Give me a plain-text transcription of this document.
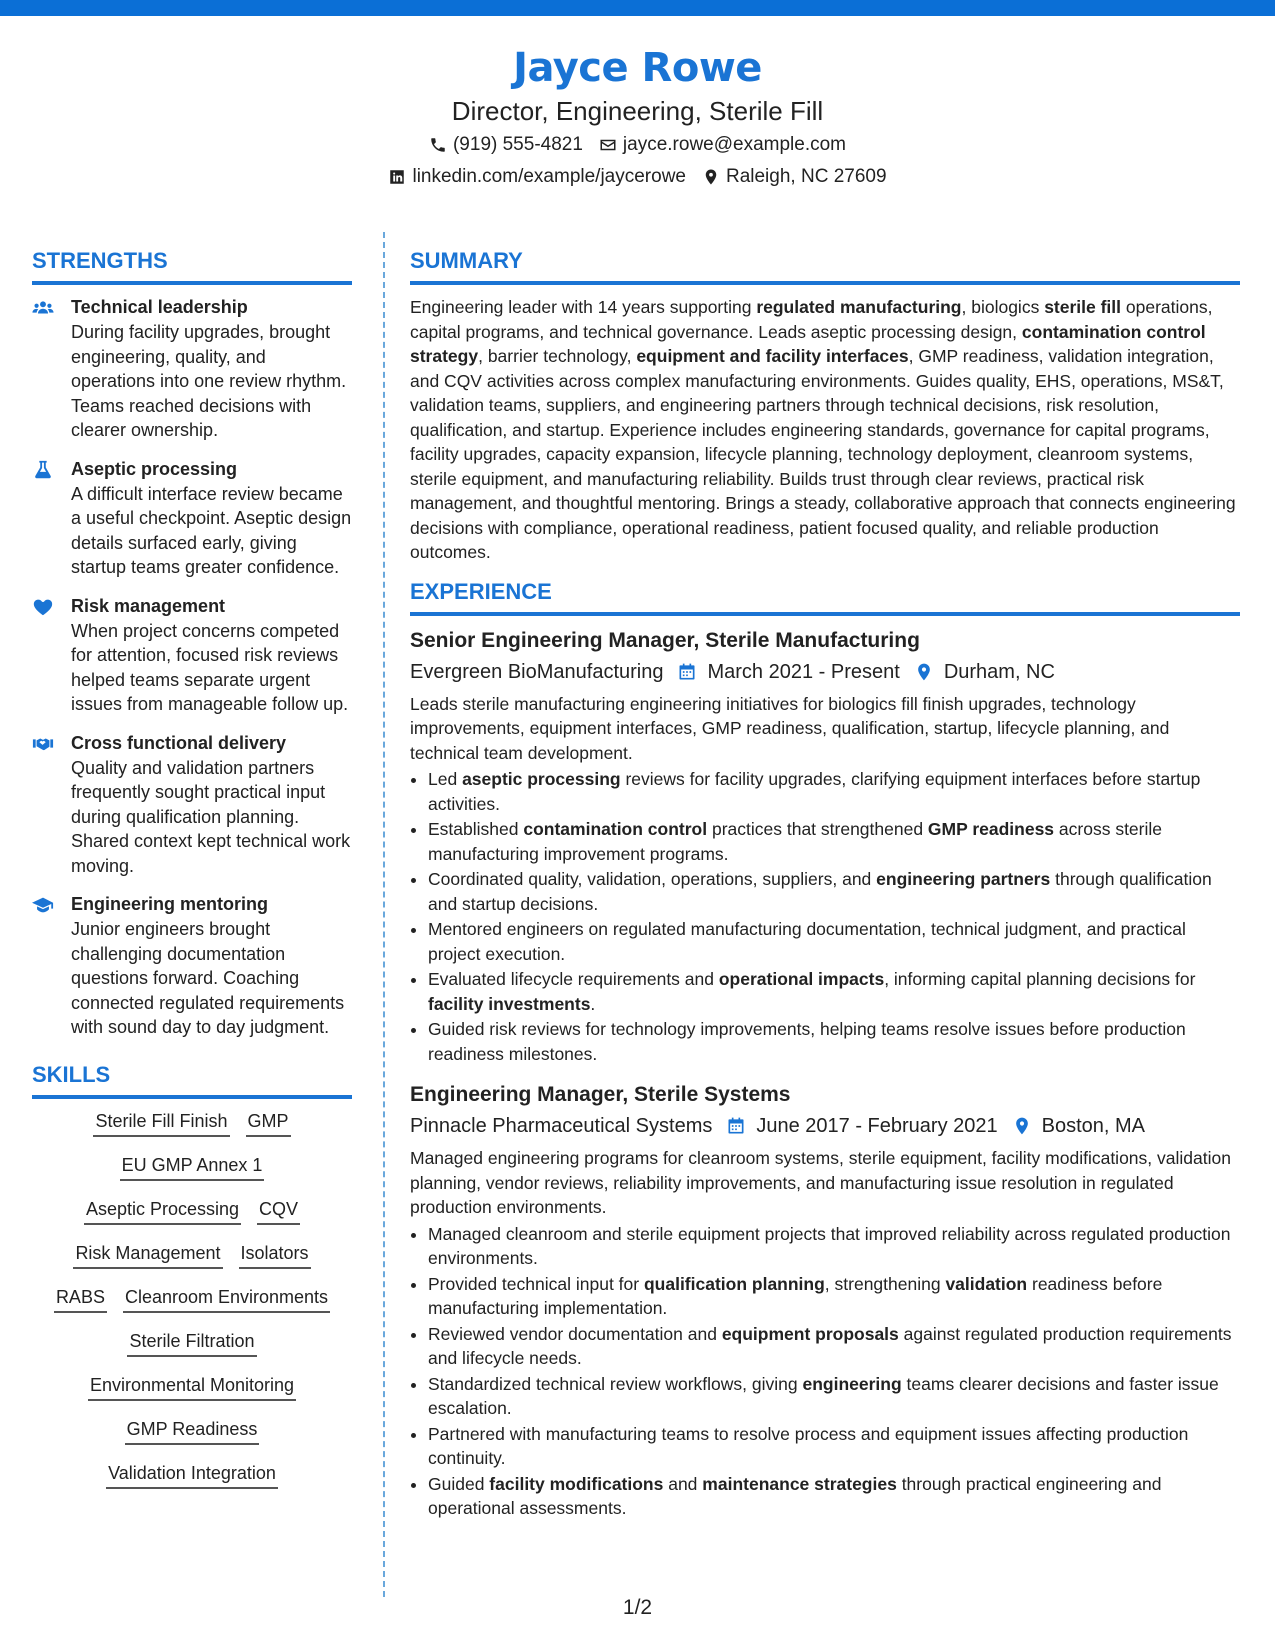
Jayce Rowe
Director, Engineering, Sterile Fill
(919) 555-4821 jayce.rowe@example.com
linkedin.com/example/jaycerowe Raleigh, NC 27609
STRENGTHS
Technical leadership
During facility upgrades, brought engineering, quality, and operations into one review rhythm. Teams reached decisions with clearer ownership.
Aseptic processing
A difficult interface review became a useful checkpoint. Aseptic design details surfaced early, giving startup teams greater confidence.
Risk management
When project concerns competed for attention, focused risk reviews helped teams separate urgent issues from manageable follow up.
Cross functional delivery
Quality and validation partners frequently sought practical input during qualification planning. Shared context kept technical work moving.
Engineering mentoring
Junior engineers brought challenging documentation questions forward. Coaching connected regulated requirements with sound day to day judgment.
SKILLS
Sterile Fill Finish GMP
EU GMP Annex 1
Aseptic Processing CQV
Risk Management Isolators
RABS Cleanroom Environments
Sterile Filtration
Environmental Monitoring
GMP Readiness
Validation Integration
SUMMARY
Engineering leader with 14 years supporting regulated manufacturing, biologics sterile fill operations, capital programs, and technical governance. Leads aseptic processing design, contamination control strategy, barrier technology, equipment and facility interfaces, GMP readiness, validation integration, and CQV activities across complex manufacturing environments. Guides quality, EHS, operations, MS&T, validation teams, suppliers, and engineering partners through technical decisions, risk resolution, qualification, and startup. Experience includes engineering standards, governance for capital programs, facility upgrades, capacity expansion, lifecycle planning, technology deployment, cleanroom systems, sterile equipment, and manufacturing reliability. Builds trust through clear reviews, practical risk management, and thoughtful mentoring. Brings a steady, collaborative approach that connects engineering decisions with compliance, operational readiness, patient focused quality, and reliable production outcomes.
EXPERIENCE
Senior Engineering Manager, Sterile Manufacturing
Evergreen BioManufacturing March 2021 - Present Durham, NC
Leads sterile manufacturing engineering initiatives for biologics fill finish upgrades, technology improvements, equipment interfaces, GMP readiness, qualification, startup, lifecycle planning, and technical team development.
• Led aseptic processing reviews for facility upgrades, clarifying equipment interfaces before startup activities.
• Established contamination control practices that strengthened GMP readiness across sterile manufacturing improvement programs.
• Coordinated quality, validation, operations, suppliers, and engineering partners through qualification and startup decisions.
• Mentored engineers on regulated manufacturing documentation, technical judgment, and practical project execution.
• Evaluated lifecycle requirements and operational impacts, informing capital planning decisions for facility investments.
• Guided risk reviews for technology improvements, helping teams resolve issues before production readiness milestones.
Engineering Manager, Sterile Systems
Pinnacle Pharmaceutical Systems June 2017 - February 2021 Boston, MA
Managed engineering programs for cleanroom systems, sterile equipment, facility modifications, validation planning, vendor reviews, reliability improvements, and manufacturing issue resolution in regulated production environments.
• Managed cleanroom and sterile equipment projects that improved reliability across regulated production environments.
• Provided technical input for qualification planning, strengthening validation readiness before manufacturing implementation.
• Reviewed vendor documentation and equipment proposals against regulated production requirements and lifecycle needs.
• Standardized technical review workflows, giving engineering teams clearer decisions and faster issue escalation.
• Partnered with manufacturing teams to resolve process and equipment issues affecting production continuity.
• Guided facility modifications and maintenance strategies through practical engineering and operational assessments.
1/2
